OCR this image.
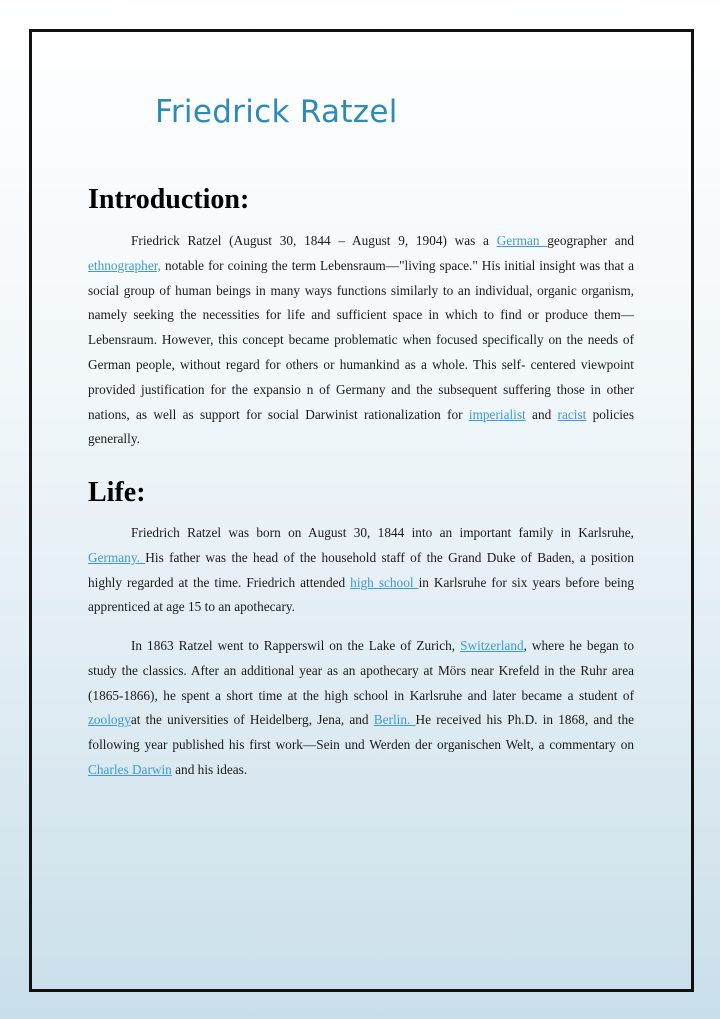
Friedrick Ratzel
Introduction:

Friedrick Ratzel (August 30, 1844 – August 9, 1904) was a German geographer and ethnographer, notable for coining the term Lebensraum—"living space." His initial insight was that a social group of human beings in many ways functions similarly to an individual, organic organism, namely seeking the necessities for life and sufficient space in which to find or produce them—Lebensraum. However, this concept became problematic when focused specifically on the needs of German people, without regard for others or humankind as a whole. This self- centered viewpoint provided justification for the expansio n of Germany and the subsequent suffering those in other nations, as well as support for social Darwinist rationalization for imperialist and racist policies generally.

Life:

Friedrich Ratzel was born on August 30, 1844 into an important family in Karlsruhe, Germany. His father was the head of the household staff of the Grand Duke of Baden, a position highly regarded at the time. Friedrich attended high school in Karlsruhe for six years before being apprenticed at age 15 to an apothecary.

In 1863 Ratzel went to Rapperswil on the Lake of Zurich, Switzerland, where he began to study the classics. After an additional year as an apothecary at Mörs near Krefeld in the Ruhr area (1865-1866), he spent a short time at the high school in Karlsruhe and later became a student of zoologyat the universities of Heidelberg, Jena, and Berlin. He received his Ph.D. in 1868, and the following year published his first work—Sein und Werden der organischen Welt, a commentary on Charles Darwin and his ideas.
